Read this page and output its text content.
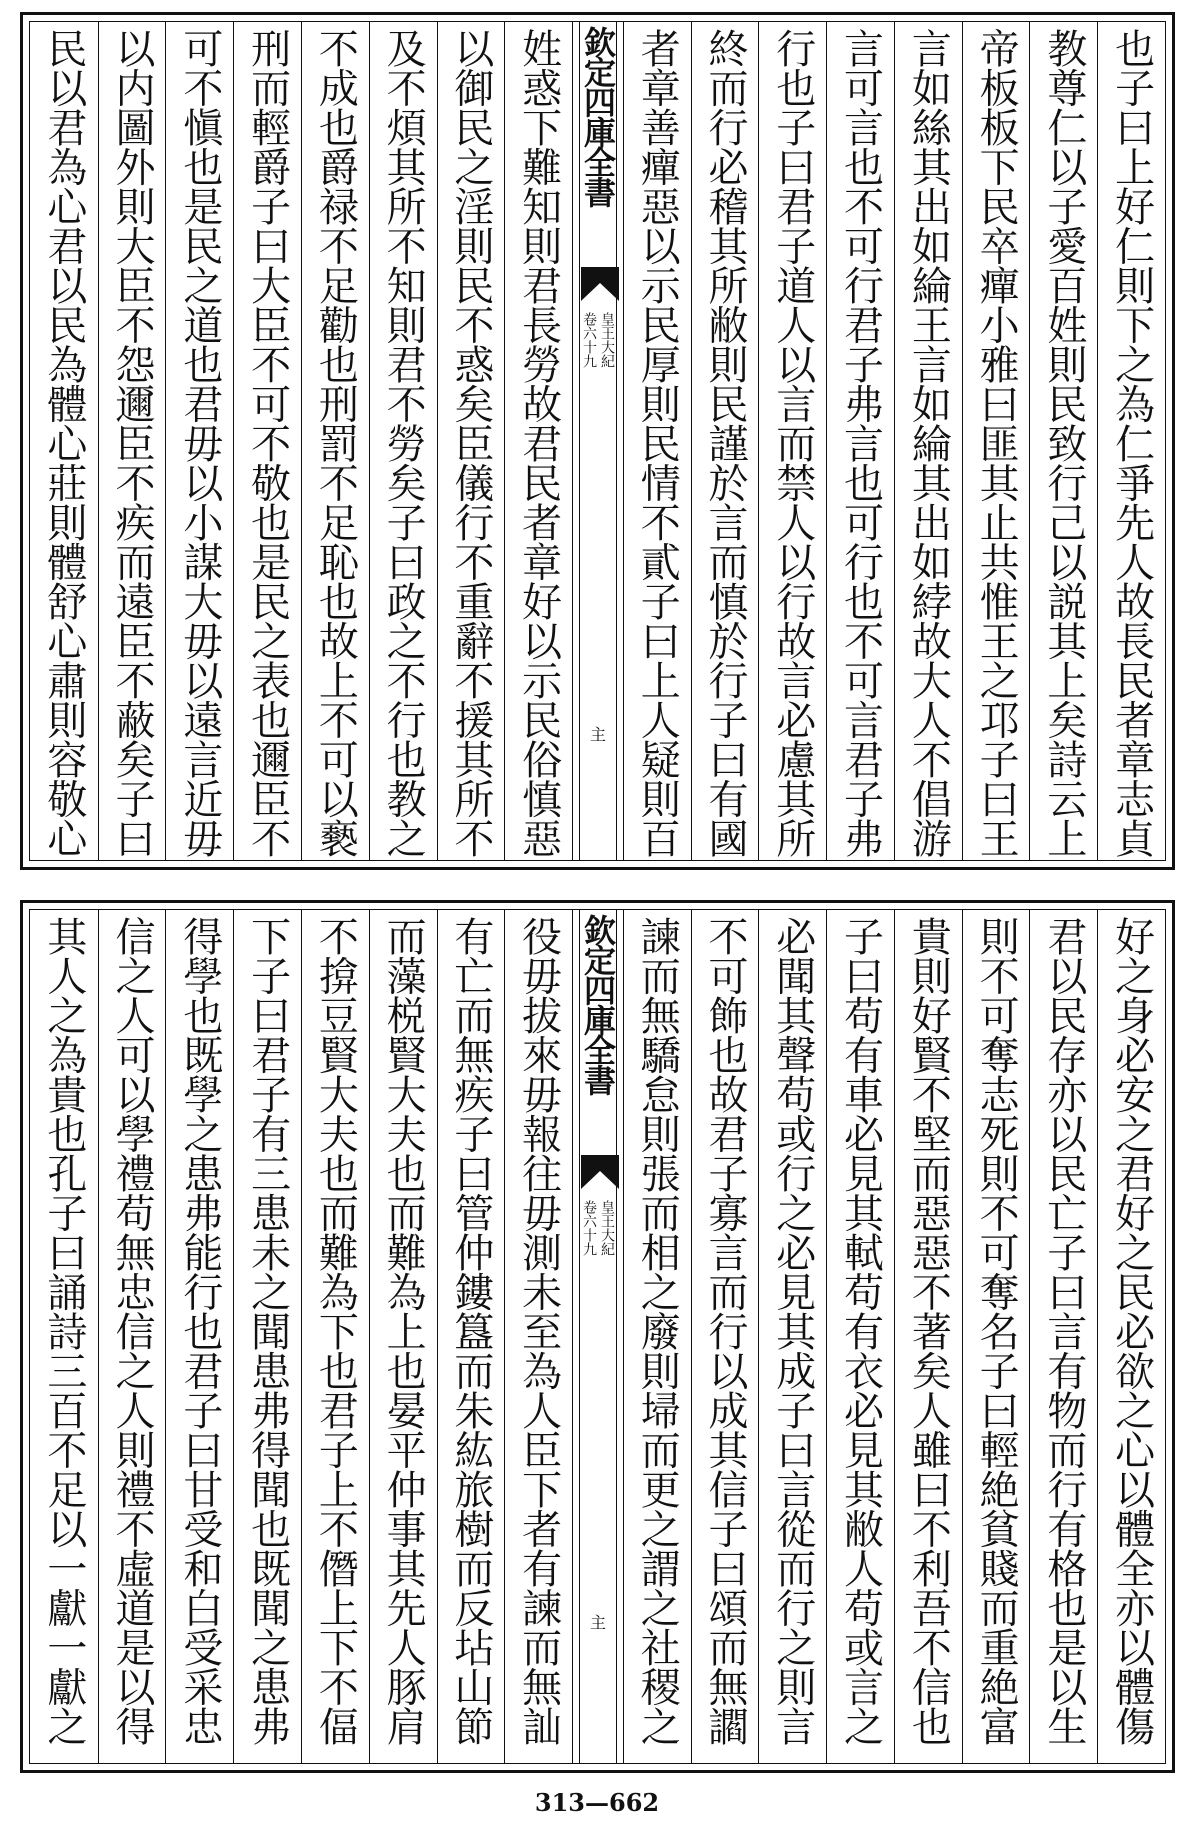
也子曰上好仁則下之為仁爭先人故長民者章志貞
教尊仁以子愛百姓則民致行己以説其上矣詩云上
帝板板下民卒癉小雅曰匪其止共惟王之邛子曰王
言如絲其出如綸王言如綸其出如綍故大人不倡游
言可言也不可行君子弗言也可行也不可言君子弗
行也子曰君子道人以言而禁人以行故言必慮其所
終而行必稽其所敝則民謹於言而慎於行子曰有國
者章善癉惡以示民厚則民情不貳子曰上人疑則百
欽定四庫全書
皇王大紀
卷六十九
主
姓惑下難知則君長勞故君民者章好以示民俗慎惡
以御民之淫則民不惑矣臣儀行不重辭不援其所不
及不煩其所不知則君不勞矣子曰政之不行也教之
不成也爵禄不足勸也刑罰不足恥也故上不可以褻
刑而輕爵子曰大臣不可不敬也是民之表也邇臣不
可不愼也是民之道也君毋以小謀大毋以遠言近毋
以内圖外則大臣不怨邇臣不疾而遠臣不蔽矣子曰
民以君為心君以民為體心莊則體舒心肅則容敬心
好之身必安之君好之民必欲之心以體全亦以體傷
君以民存亦以民亡子曰言有物而行有格也是以生
則不可奪志死則不可奪名子曰輕絶貧賤而重絶富
貴則好賢不堅而惡惡不著矣人雖曰不利吾不信也
子曰苟有車必見其軾苟有衣必見其敝人苟或言之
必聞其聲苟或行之必見其成子曰言從而行之則言
不可飾也故君子寡言而行以成其信子曰頌而無讇
諫而無驕怠則張而相之廢則埽而更之謂之社稷之
欽定四庫全書
皇王大紀
卷六十九
主
役毋拔來毋報往毋測未至為人臣下者有諫而無訕
有亡而無疾子曰管仲鏤簋而朱紘旅樹而反坫山節
而藻棁賢大夫也而難為上也晏平仲事其先人豚肩
不揜豆賢大夫也而難為下也君子上不僭上下不偪
下子曰君子有三患未之聞患弗得聞也既聞之患弗
得學也既學之患弗能行也君子曰甘受和白受采忠
信之人可以學禮苟無忠信之人則禮不虛道是以得
其人之為貴也孔子曰誦詩三百不足以一獻一獻之
313—662
